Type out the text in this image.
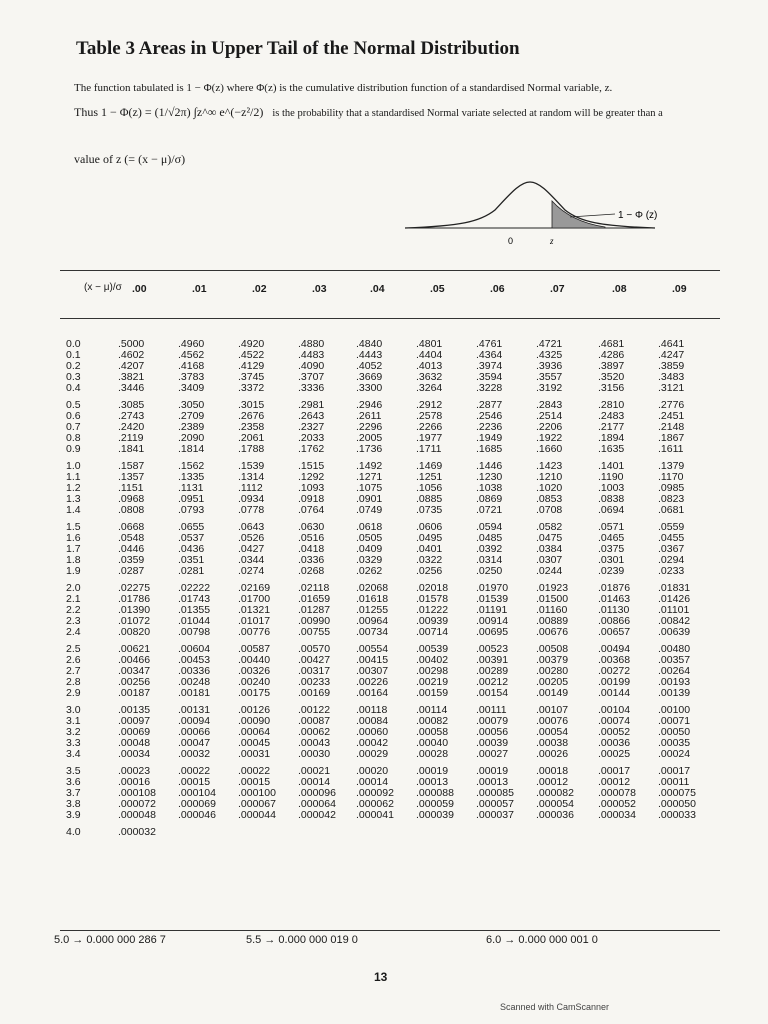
Table 3 Areas in Upper Tail of the Normal Distribution
The function tabulated is 1 − Φ(z) where Φ(z) is the cumulative distribution function of a standardised Normal variable, z.
Thus 1 − Φ(z) = (1/√2π) ∫z^∞ e^(−z²/2) is the probability that a standardised Normal variate selected at random will be greater than a
value of z (= (x − μ)/σ)
1 − Φ (z)
0	z
(x − μ)/σ .00	.01	.02	.03	.04	.05	.06	.07	.08	.09
0.0	.5000	.4960	.4920	.4880	.4840	.4801	.4761	.4721	.4681	.4641
0.1	.4602	.4562	.4522	.4483	.4443	.4404	.4364	.4325	.4286	.4247
0.2	.4207	.4168	.4129	.4090	.4052	.4013	.3974	.3936	.3897	.3859
0.3	.3821	.3783	.3745	.3707	.3669	.3632	.3594	.3557	.3520	.3483
0.4	.3446	.3409	.3372	.3336	.3300	.3264	.3228	.3192	.3156	.3121
0.5	.3085	.3050	.3015	.2981	.2946	.2912	.2877	.2843	.2810	.2776
0.6	.2743	.2709	.2676	.2643	.2611	.2578	.2546	.2514	.2483	.2451
0.7	.2420	.2389	.2358	.2327	.2296	.2266	.2236	.2206	.2177	.2148
0.8	.2119	.2090	.2061	.2033	.2005	.1977	.1949	.1922	.1894	.1867
0.9	.1841	.1814	.1788	.1762	.1736	.1711	.1685	.1660	.1635	.1611
1.0	.1587	.1562	.1539	.1515	.1492	.1469	.1446	.1423	.1401	.1379
1.1	.1357	.1335	.1314	.1292	.1271	.1251	.1230	.1210	.1190	.1170
1.2	.1151	.1131	.1112	.1093	.1075	.1056	.1038	.1020	.1003	.0985
1.3	.0968	.0951	.0934	.0918	.0901	.0885	.0869	.0853	.0838	.0823
1.4	.0808	.0793	.0778	.0764	.0749	.0735	.0721	.0708	.0694	.0681
1.5	.0668	.0655	.0643	.0630	.0618	.0606	.0594	.0582	.0571	.0559
1.6	.0548	.0537	.0526	.0516	.0505	.0495	.0485	.0475	.0465	.0455
1.7	.0446	.0436	.0427	.0418	.0409	.0401	.0392	.0384	.0375	.0367
1.8	.0359	.0351	.0344	.0336	.0329	.0322	.0314	.0307	.0301	.0294
1.9	.0287	.0281	.0274	.0268	.0262	.0256	.0250	.0244	.0239	.0233
2.0	.02275	.02222	.02169	.02118	.02068	.02018	.01970	.01923	.01876	.01831
2.1	.01786	.01743	.01700	.01659 .01618	.01578	.01539	.01500	.01463	.01426
2.2	.01390	.01355	.01321	.01287 .01255	.01222	.01191	.01160	.01130	.01101
2.3	.01072	.01044	.01017	.00990 .00964	.00939	.00914	.00889	.00866	.00842
2.4	.00820	.00798	.00776	.00755 .00734	.00714	.00695	.00676	.00657	.00639
2.5	.00621	.00604	.00587	.00570 .00554	.00539	.00523	.00508	.00494	.00480
2.6	.00466	.00453	.00440	.00427 .00415	.00402	.00391	.00379	.00368	.00357
2.7	.00347	.00336	.00326	.00317 .00307	.00298	.00289	.00280	.00272	.00264
2.8	.00256	.00248	.00240	.00233 .00226	.00219	.00212	.00205	.00199	.00193
2.9	.00187	.00181	.00175	.00169 .00164	.00159	.00154	.00149	.00144	.00139
3.0	.00135	.00131	.00126	.00122 .00118	.00114	.00111	.00107	.00104	.00100
3.1	.00097	.00094	.00090	.00087 .00084	.00082	.00079	.00076	.00074	.00071
3.2	.00069	.00066	.00064	.00062 .00060	.00058	.00056	.00054	.00052	.00050
3.3	.00048	.00047	.00045	.00043 .00042	.00040	.00039	.00038	.00036	.00035
3.4	.00034	.00032	.00031	.00030 .00029	.00028	.00027	.00026	.00025	.00024
3.5	.00023	.00022	.00022	.00021 .00020	.00019	.00019	.00018	.00017	.00017
3.6	.00016	.00015	.00015	.00014 .00014	.00013	.00013	.00012	.00012	.00011
3.7	.000108 .000104 .000100 .000096 .000092 .000088 .000085 .000082 .000078 .000075
3.8	.000072 .000069 .000067 .000064 .000062 .000059 .000057 .000054 .000052 .000050
3.9	.000048 .000046 .000044 .000042 .000041 .000039 .000037 .000036 .000034 .000033
4.0	.000032
5.0 → 0.000 000 286 7	5.5 → 0.000 000 019 0	6.0 → 0.000 000 001 0
13
Scanned with CamScanner
